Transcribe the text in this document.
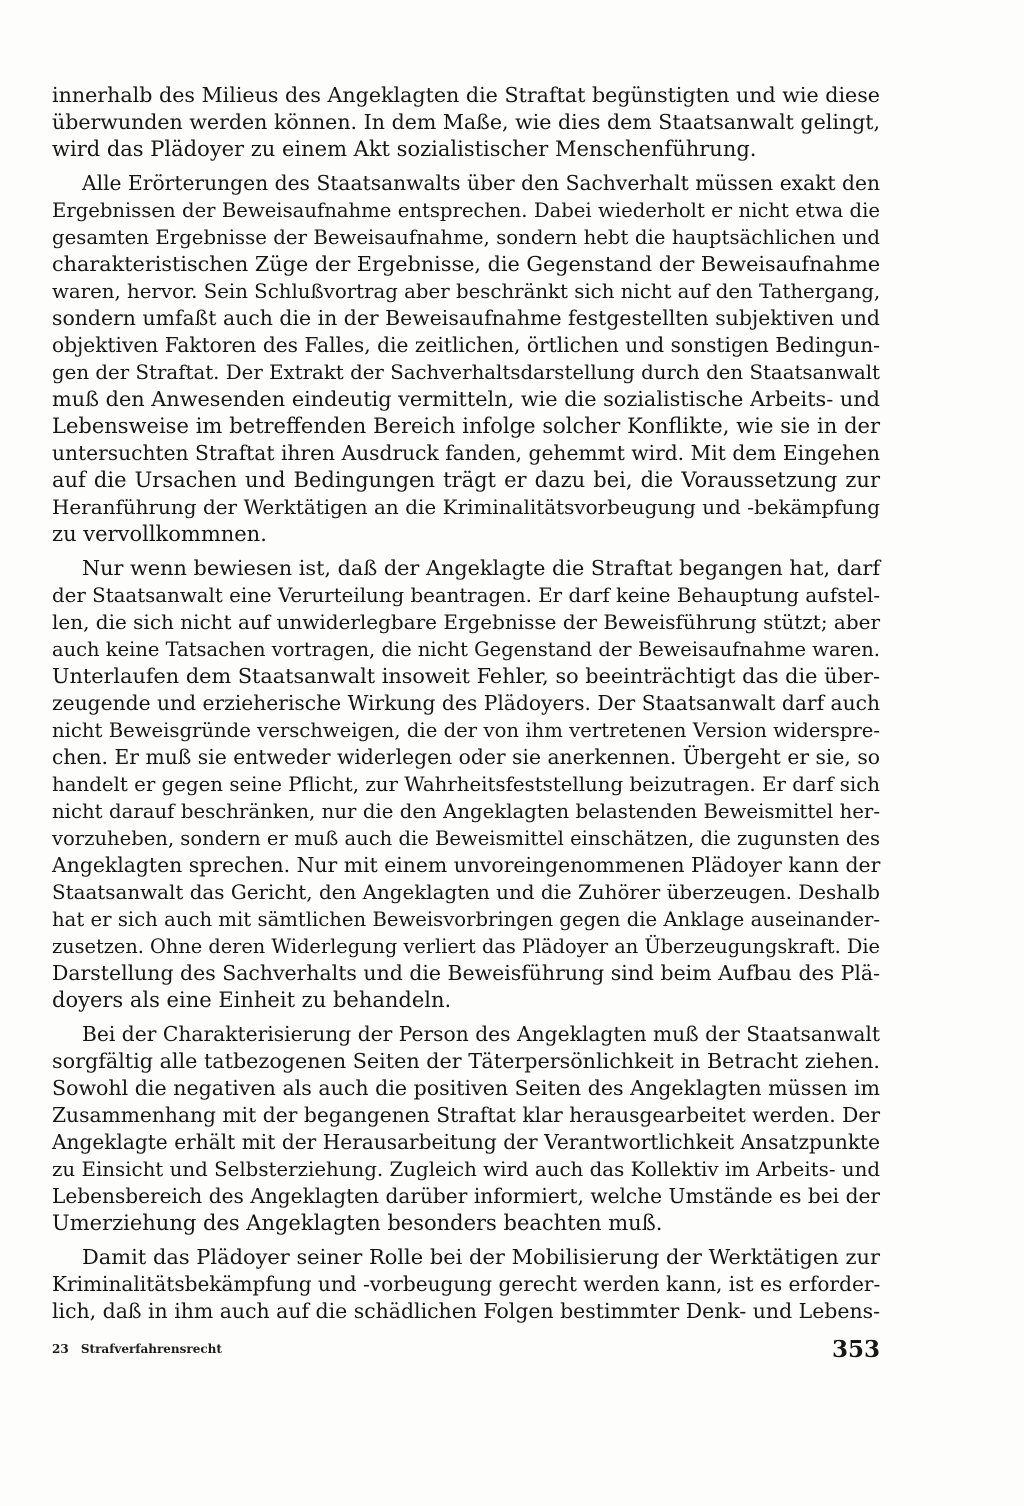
innerhalb des Milieus des Angeklagten die Straftat begünstigten und wie diese
überwunden werden können. In dem Maße, wie dies dem Staatsanwalt gelingt,
wird das Plädoyer zu einem Akt sozialistischer Menschenführung.
Alle Erörterungen des Staatsanwalts über den Sachverhalt müssen exakt den
Ergebnissen der Beweisaufnahme entsprechen. Dabei wiederholt er nicht etwa die
gesamten Ergebnisse der Beweisaufnahme, sondern hebt die hauptsächlichen und
charakteristischen Züge der Ergebnisse, die Gegenstand der Beweisaufnahme
waren, hervor. Sein Schlußvortrag aber beschränkt sich nicht auf den Tathergang,
sondern umfaßt auch die in der Beweisaufnahme festgestellten subjektiven und
objektiven Faktoren des Falles, die zeitlichen, örtlichen und sonstigen Bedingun-
gen der Straftat. Der Extrakt der Sachverhaltsdarstellung durch den Staatsanwalt
muß den Anwesenden eindeutig vermitteln, wie die sozialistische Arbeits- und
Lebensweise im betreffenden Bereich infolge solcher Konflikte, wie sie in der
untersuchten Straftat ihren Ausdruck fanden, gehemmt wird. Mit dem Eingehen
auf die Ursachen und Bedingungen trägt er dazu bei, die Voraussetzung zur
Heranführung der Werktätigen an die Kriminalitätsvorbeugung und -bekämpfung
zu vervollkommnen.
Nur wenn bewiesen ist, daß der Angeklagte die Straftat begangen hat, darf
der Staatsanwalt eine Verurteilung beantragen. Er darf keine Behauptung aufstel-
len, die sich nicht auf unwiderlegbare Ergebnisse der Beweisführung stützt; aber
auch keine Tatsachen vortragen, die nicht Gegenstand der Beweisaufnahme waren.
Unterlaufen dem Staatsanwalt insoweit Fehler, so beeinträchtigt das die über-
zeugende und erzieherische Wirkung des Plädoyers. Der Staatsanwalt darf auch
nicht Beweisgründe verschweigen, die der von ihm vertretenen Version widerspre-
chen. Er muß sie entweder widerlegen oder sie anerkennen. Übergeht er sie, so
handelt er gegen seine Pflicht, zur Wahrheitsfeststellung beizutragen. Er darf sich
nicht darauf beschränken, nur die den Angeklagten belastenden Beweismittel her-
vorzuheben, sondern er muß auch die Beweismittel einschätzen, die zugunsten des
Angeklagten sprechen. Nur mit einem unvoreingenommenen Plädoyer kann der
Staatsanwalt das Gericht, den Angeklagten und die Zuhörer überzeugen. Deshalb
hat er sich auch mit sämtlichen Beweisvorbringen gegen die Anklage auseinander-
zusetzen. Ohne deren Widerlegung verliert das Plädoyer an Überzeugungskraft. Die
Darstellung des Sachverhalts und die Beweisführung sind beim Aufbau des Plä-
doyers als eine Einheit zu behandeln.
Bei der Charakterisierung der Person des Angeklagten muß der Staatsanwalt
sorgfältig alle tatbezogenen Seiten der Täterpersönlichkeit in Betracht ziehen.
Sowohl die negativen als auch die positiven Seiten des Angeklagten müssen im
Zusammenhang mit der begangenen Straftat klar herausgearbeitet werden. Der
Angeklagte erhält mit der Herausarbeitung der Verantwortlichkeit Ansatzpunkte
zu Einsicht und Selbsterziehung. Zugleich wird auch das Kollektiv im Arbeits- und
Lebensbereich des Angeklagten darüber informiert, welche Umstände es bei der
Umerziehung des Angeklagten besonders beachten muß.
Damit das Plädoyer seiner Rolle bei der Mobilisierung der Werktätigen zur
Kriminalitätsbekämpfung und -vorbeugung gerecht werden kann, ist es erforder-
lich, daß in ihm auch auf die schädlichen Folgen bestimmter Denk- und Lebens-
23 Strafverfahrensrecht	353
